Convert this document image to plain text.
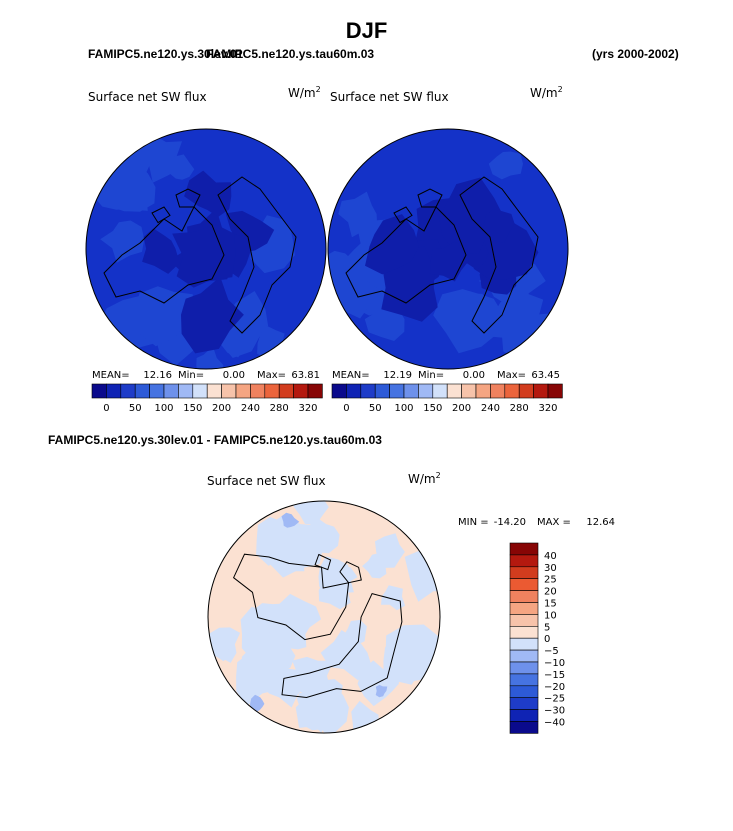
DJF
FAMIPC5.ne120.ys.30lev.01
FAMIPC5.ne120.ys.tau60m.03	(yrs 2000-2002)
FAMIPC5.ne120.ys.30lev.01 - FAMIPC5.ne120.ys.tau60m.03
Surface net SW flux	$W/m^2$
MEAN= 12.16 Min= 0.00 Max= 63.81
0 50 100 150 200 240 280 320
Surface net SW flux	$W/m^2$
MEAN= 12.19 Min= 0.00 Max= 63.45
0 50 100 150 200 240 280 320
Surface net SW flux	$W/m^2$
MIN = -14.20 MAX = 12.64
40
30
25
20
15
10
5
0
−5
−10
−15
−20
−25
−30
−40
